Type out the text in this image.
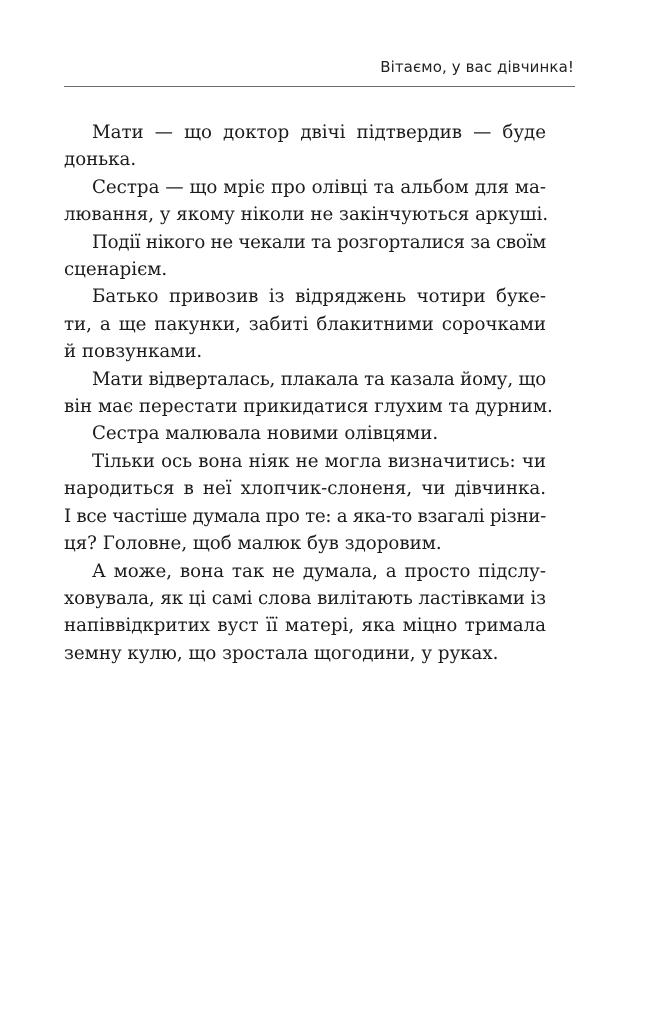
Вітаємо, у вас дівчинка!
Мати — що доктор двічі підтвердив — буде
донька.
Сестра — що мріє про олівці та альбом для ма-
лювання, у якому ніколи не закінчуються аркуші.
Події нікого не чекали та розгорталися за своїм
сценарієм.
Батько привозив із відряджень чотири буке-
ти, а ще пакунки, забиті блакитними сорочками
й повзунками.
Мати відверталась, плакала та казала йому, що
він має перестати прикидатися глухим та дурним.
Сестра малювала новими олівцями.
Тільки ось вона ніяк не могла визначитись: чи
народиться в неї хлопчик-слоненя, чи дівчинка.
І все частіше думала про те: а яка-то взагалі різни-
ця? Головне, щоб малюк був здоровим.
А може, вона так не думала, а просто підслу-
ховувала, як ці самі слова вилітають ластівками із
напіввідкритих вуст її матері, яка міцно тримала
земну кулю, що зростала щогодини, у руках.
